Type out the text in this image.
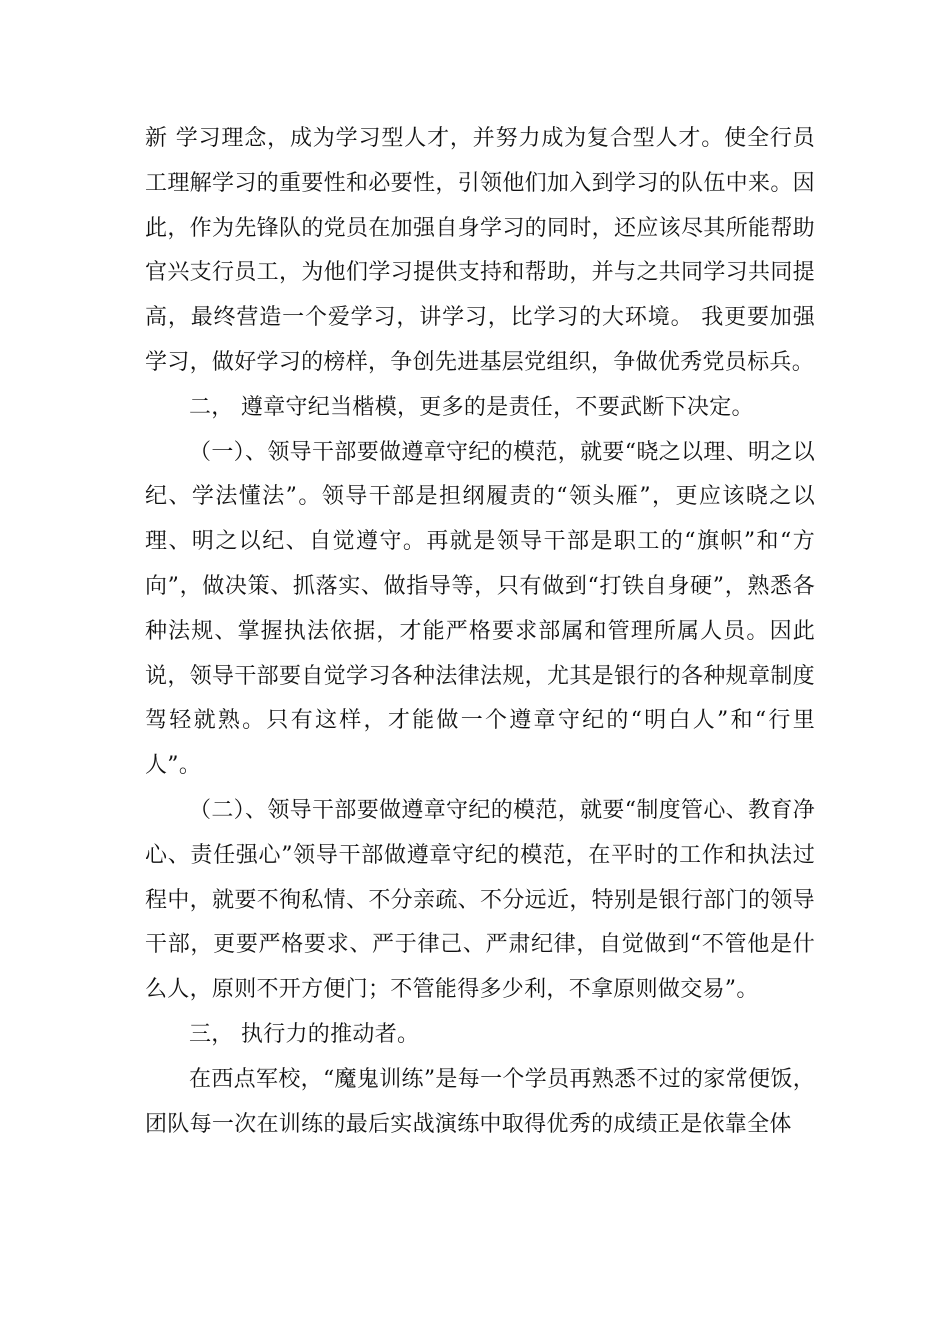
新 学习理念，成为学习型人才，并努力成为复合型人才。使全行员工理解学习的重要性和必要性，引领他们加入到学习的队伍中来。因此，作为先锋队的党员在加强自身学习的同时，还应该尽其所能帮助官兴支行员工，为他们学习提供支持和帮助，并与之共同学习共同提高，最终营造一个爱学习，讲学习，比学习的大环境。 我更要加强学习，做好学习的榜样，争创先进基层党组织，争做优秀党员标兵。

二， 遵章守纪当楷模，更多的是责任，不要武断下决定。

（一）、领导干部要做遵章守纪的模范，就要“晓之以理、明之以纪、学法懂法”。领导干部是担纲履责的“领头雁”，更应该晓之以理、明之以纪、自觉遵守。再就是领导干部是职工的“旗帜”和“方向”，做决策、抓落实、做指导等，只有做到“打铁自身硬”，熟悉各种法规、掌握执法依据，才能严格要求部属和管理所属人员。因此说，领导干部要自觉学习各种法律法规，尤其是银行的各种规章制度驾轻就熟。只有这样，才能做一个遵章守纪的“明白人”和“行里人”。

（二）、领导干部要做遵章守纪的模范，就要“制度管心、教育净心、责任强心”领导干部做遵章守纪的模范，在平时的工作和执法过程中，就要不徇私情、不分亲疏、不分远近，特别是银行部门的领导干部，更要严格要求、严于律己、严肃纪律，自觉做到“不管他是什么人，原则不开方便门；不管能得多少利，不拿原则做交易”。

三， 执行力的推动者。

在西点军校，“魔鬼训练”是每一个学员再熟悉不过的家常便饭，团队每一次在训练的最后实战演练中取得优秀的成绩正是依靠全体
